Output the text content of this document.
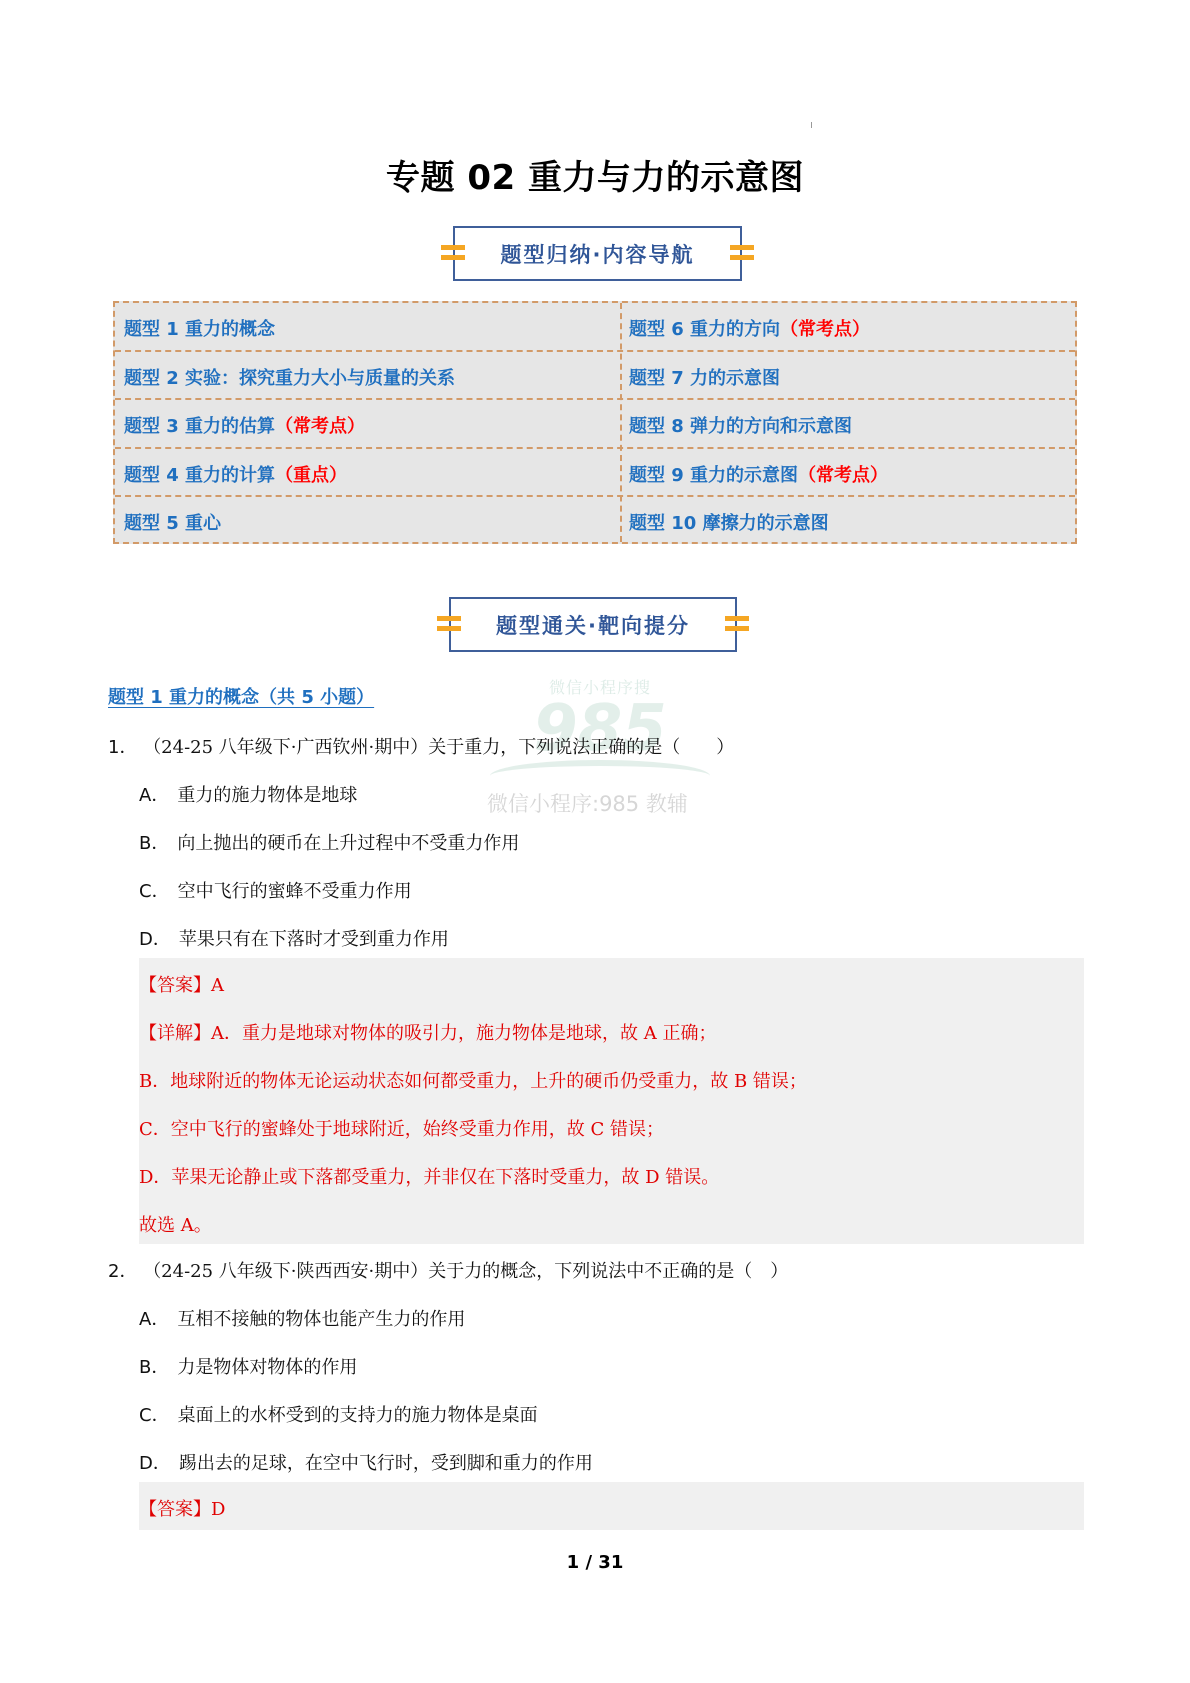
专题 02 重力与力的示意图
题型归纳·内容导航
题型 1 重力的概念	题型 6 重力的方向（常考点）
题型 2 实验：探究重力大小与质量的关系	题型 7 力的示意图
题型 3 重力的估算（常考点）	题型 8 弹力的方向和示意图
题型 4 重力的计算（重点）	题型 9 重力的示意图（常考点）
题型 5 重心	题型 10 摩擦力的示意图
题型通关·靶向提分
微信小程序搜
985
微信小程序:985 教辅
题型 1 重力的概念（共 5 小题）
1． （24-25 八年级下·广西钦州·期中）关于重力，下列说法正确的是（　　）
A． 重力的施力物体是地球
B． 向上抛出的硬币在上升过程中不受重力作用
C． 空中飞行的蜜蜂不受重力作用
D． 苹果只有在下落时才受到重力作用
【答案】A
【详解】A．重力是地球对物体的吸引力，施力物体是地球，故 A 正确；
B．地球附近的物体无论运动状态如何都受重力，上升的硬币仍受重力，故 B 错误；
C．空中飞行的蜜蜂处于地球附近，始终受重力作用，故 C 错误；
D．苹果无论静止或下落都受重力，并非仅在下落时受重力，故 D 错误。
故选 A。
2． （24-25 八年级下·陕西西安·期中）关于力的概念，下列说法中不正确的是（　）
A． 互相不接触的物体也能产生力的作用
B． 力是物体对物体的作用
C． 桌面上的水杯受到的支持力的施力物体是桌面
D． 踢出去的足球，在空中飞行时，受到脚和重力的作用
【答案】D
1 / 31
